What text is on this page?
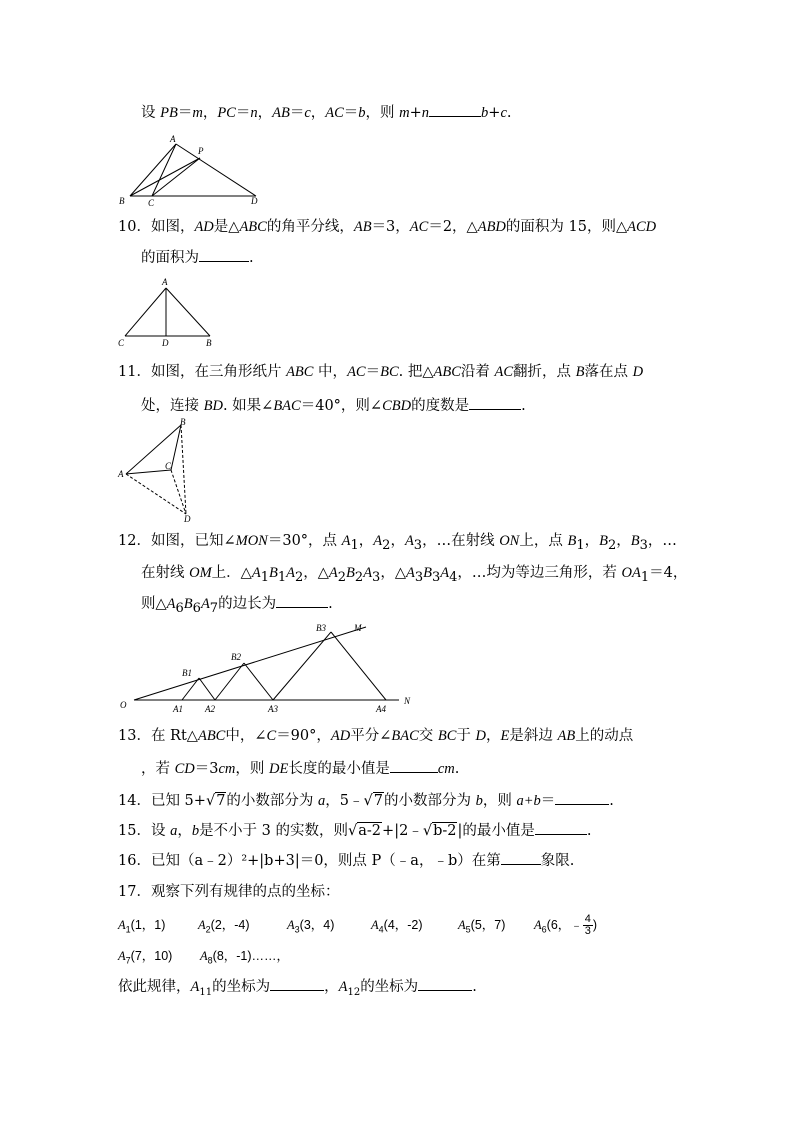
设 PB＝m，PC＝n，AB＝c，AC＝b，则 m+n	b+c.
A
P
B	C	D
10．如图，AD是△ABC的角平分线，AB＝3，AC＝2，△ABD的面积为 15，则△ACD
的面积为	.
A
C	D	B
11．如图，在三角形纸片 ABC 中，AC＝BC. 把△ABC沿着 AC翻折，点 B落在点 D
处，连接 BD. 如果∠BAC＝40°，则∠CBD的度数是	.
B
A
C
D
12．如图，已知∠MON＝30°，点 $A_1$，$A_2$，$A_3$，…在射线 ON上，点 $B_1$，$B_2$，$B_3$，…
在射线 OM上．$\triangle A_1B_1A_2$，$\triangle A_2B_2A_3$，$\triangle A_3B_3A_4$，…均为等边三角形，若 $OA_1=4$，
则$\triangle A_6B_6A_7$的边长为	.
O	A1 A2	A3	A4
B1
B2
B3	M
N
13．在 Rt△ABC中，∠C＝90°，AD平分∠BAC交 BC于 D，E是斜边 AB上的动点
，若 CD＝3cm，则 DE长度的最小值是	cm.
14．已知 5+√7的小数部分为 a，5﹣√7的小数部分为 b，则 a+b＝	.
15．设 a，b是不小于 3 的实数，则√a-2+|2﹣√b-2|的最小值是	.
16．已知（a﹣2）²+|b+3|＝0，则点 P（﹣a，﹣b）在第	象限.
17．观察下列有规律的点的坐标：
$A_1(1$，1)	$A_2(2$，-4)	$A_3(3$，4)	$A_4(4$，-2)	$A_5(5$，7) $A_6(6$，﹣ $\frac{4}{3}$ )
$A_7(7$，10) $A_8(8$，-1)……，
依此规律，$A_{11}$的坐标为	，$A_{12}$的坐标为	.
